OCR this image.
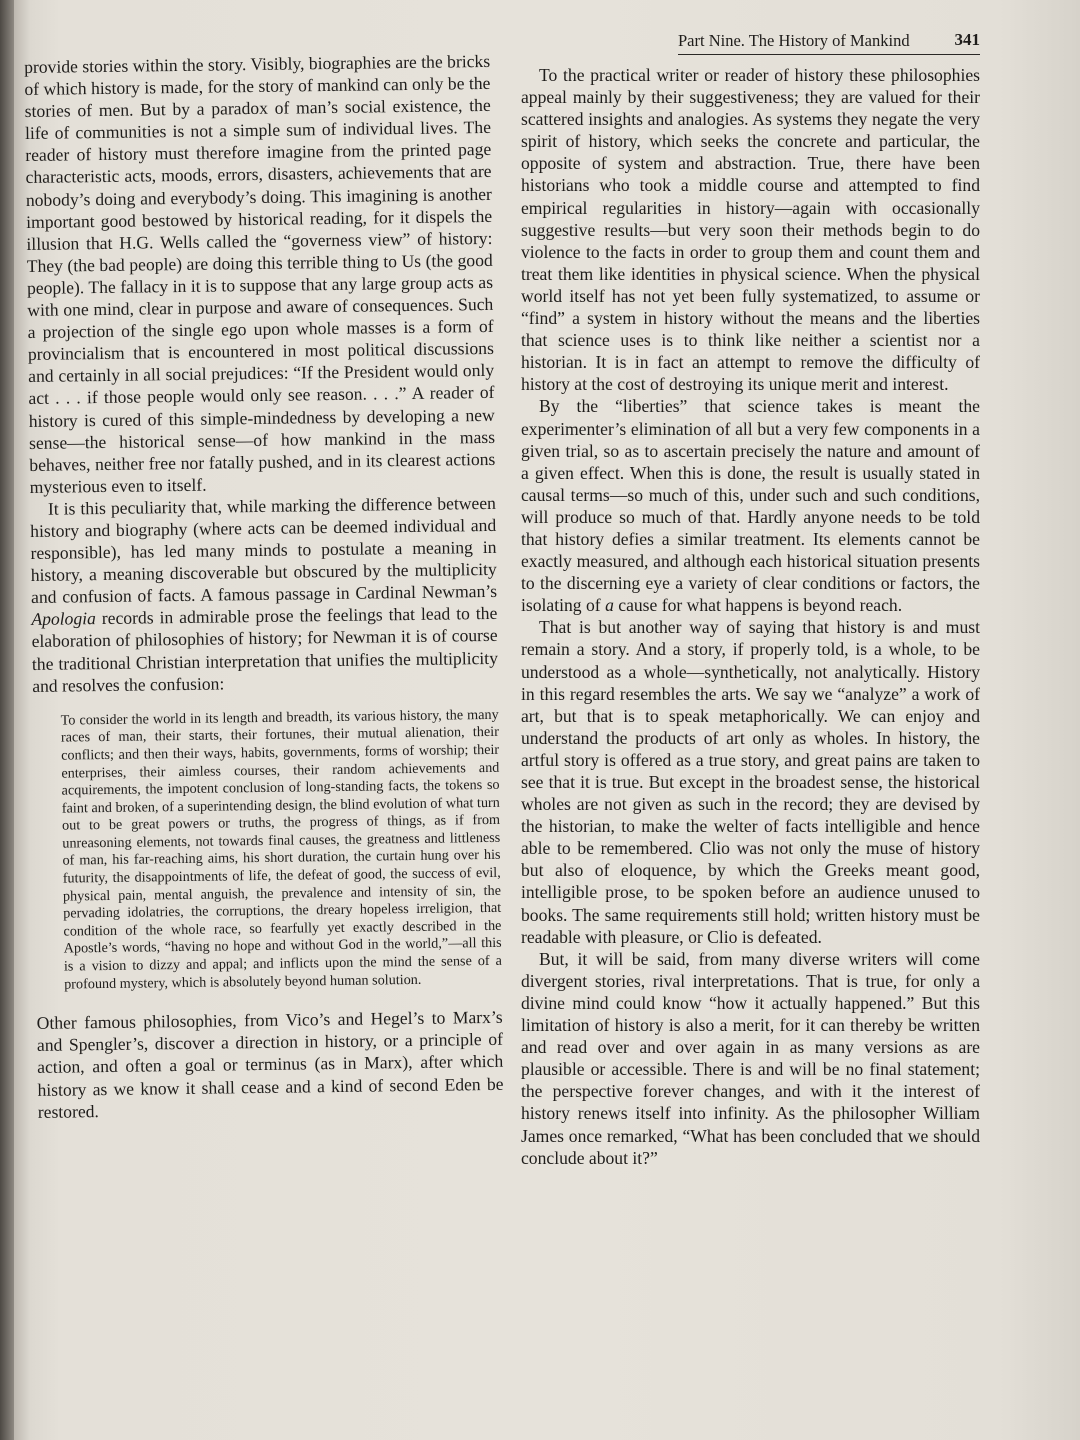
Part Nine. The History of Mankind	341

provide stories within the story. Visibly, biographies are the bricks of which history is made, for the story of mankind can only be the stories of men. But by a paradox of man’s social existence, the life of communities is not a simple sum of individual lives. The reader of history must therefore imagine from the printed page characteristic acts, moods, errors, disasters, achievements that are nobody’s doing and everybody’s doing. This imagining is another important good bestowed by historical reading, for it dispels the illusion that H.G. Wells called the “governess view” of history: They (the bad people) are doing this terrible thing to Us (the good people). The fallacy in it is to suppose that any large group acts as with one mind, clear in purpose and aware of consequences. Such a projection of the single ego upon whole masses is a form of provincialism that is encountered in most political discussions and certainly in all social prejudices: “If the President would only act . . . if those people would only see reason. . . .” A reader of history is cured of this simple-mindedness by developing a new sense—the historical sense—of how mankind in the mass behaves, neither free nor fatally pushed, and in its clearest actions mysterious even to itself.

It is this peculiarity that, while marking the difference between history and biography (where acts can be deemed individual and responsible), has led many minds to postulate a meaning in history, a meaning discoverable but obscured by the multiplicity and confusion of facts. A famous passage in Cardinal Newman’s Apologia records in admirable prose the feelings that lead to the elaboration of philosophies of history; for Newman it is of course the traditional Christian interpretation that unifies the multiplicity and resolves the confusion:

To consider the world in its length and breadth, its various history, the many races of man, their starts, their fortunes, their mutual alienation, their conflicts; and then their ways, habits, governments, forms of worship; their enterprises, their aimless courses, their random achievements and acquirements, the impotent conclusion of long-standing facts, the tokens so faint and broken, of a superintending design, the blind evolution of what turn out to be great powers or truths, the progress of things, as if from unreasoning elements, not towards final causes, the greatness and littleness of man, his far-reaching aims, his short duration, the curtain hung over his futurity, the disappointments of life, the defeat of good, the success of evil, physical pain, mental anguish, the prevalence and intensity of sin, the pervading idolatries, the corruptions, the dreary hopeless irreligion, that condition of the whole race, so fearfully yet exactly described in the Apostle’s words, “having no hope and without God in the world,”—all this is a vision to dizzy and appal; and inflicts upon the mind the sense of a profound mystery, which is absolutely beyond human solution.

Other famous philosophies, from Vico’s and Hegel’s to Marx’s and Spengler’s, discover a direction in history, or a principle of action, and often a goal or terminus (as in Marx), after which history as we know it shall cease and a kind of second Eden be restored.

To the practical writer or reader of history these philosophies appeal mainly by their suggestiveness; they are valued for their scattered insights and analogies. As systems they negate the very spirit of history, which seeks the concrete and particular, the opposite of system and abstraction. True, there have been historians who took a middle course and attempted to find empirical regularities in history—again with occasionally suggestive results—but very soon their methods begin to do violence to the facts in order to group them and count them and treat them like identities in physical science. When the physical world itself has not yet been fully systematized, to assume or “find” a system in history without the means and the liberties that science uses is to think like neither a scientist nor a historian. It is in fact an attempt to remove the difficulty of history at the cost of destroying its unique merit and interest.

By the “liberties” that science takes is meant the experimenter’s elimination of all but a very few components in a given trial, so as to ascertain precisely the nature and amount of a given effect. When this is done, the result is usually stated in causal terms—so much of this, under such and such conditions, will produce so much of that. Hardly anyone needs to be told that history defies a similar treatment. Its elements cannot be exactly measured, and although each historical situation presents to the discerning eye a variety of clear conditions or factors, the isolating of a cause for what happens is beyond reach.

That is but another way of saying that history is and must remain a story. And a story, if properly told, is a whole, to be understood as a whole—synthetically, not analytically. History in this regard resembles the arts. We say we “analyze” a work of art, but that is to speak metaphorically. We can enjoy and understand the products of art only as wholes. In history, the artful story is offered as a true story, and great pains are taken to see that it is true. But except in the broadest sense, the historical wholes are not given as such in the record; they are devised by the historian, to make the welter of facts intelligible and hence able to be remembered. Clio was not only the muse of history but also of eloquence, by which the Greeks meant good, intelligible prose, to be spoken before an audience unused to books. The same requirements still hold; written history must be readable with pleasure, or Clio is defeated.

But, it will be said, from many diverse writers will come divergent stories, rival interpretations. That is true, for only a divine mind could know “how it actually happened.” But this limitation of history is also a merit, for it can thereby be written and read over and over again in as many versions as are plausible or accessible. There is and will be no final statement; the perspective forever changes, and with it the interest of history renews itself into infinity. As the philosopher William James once remarked, “What has been concluded that we should conclude about it?”
